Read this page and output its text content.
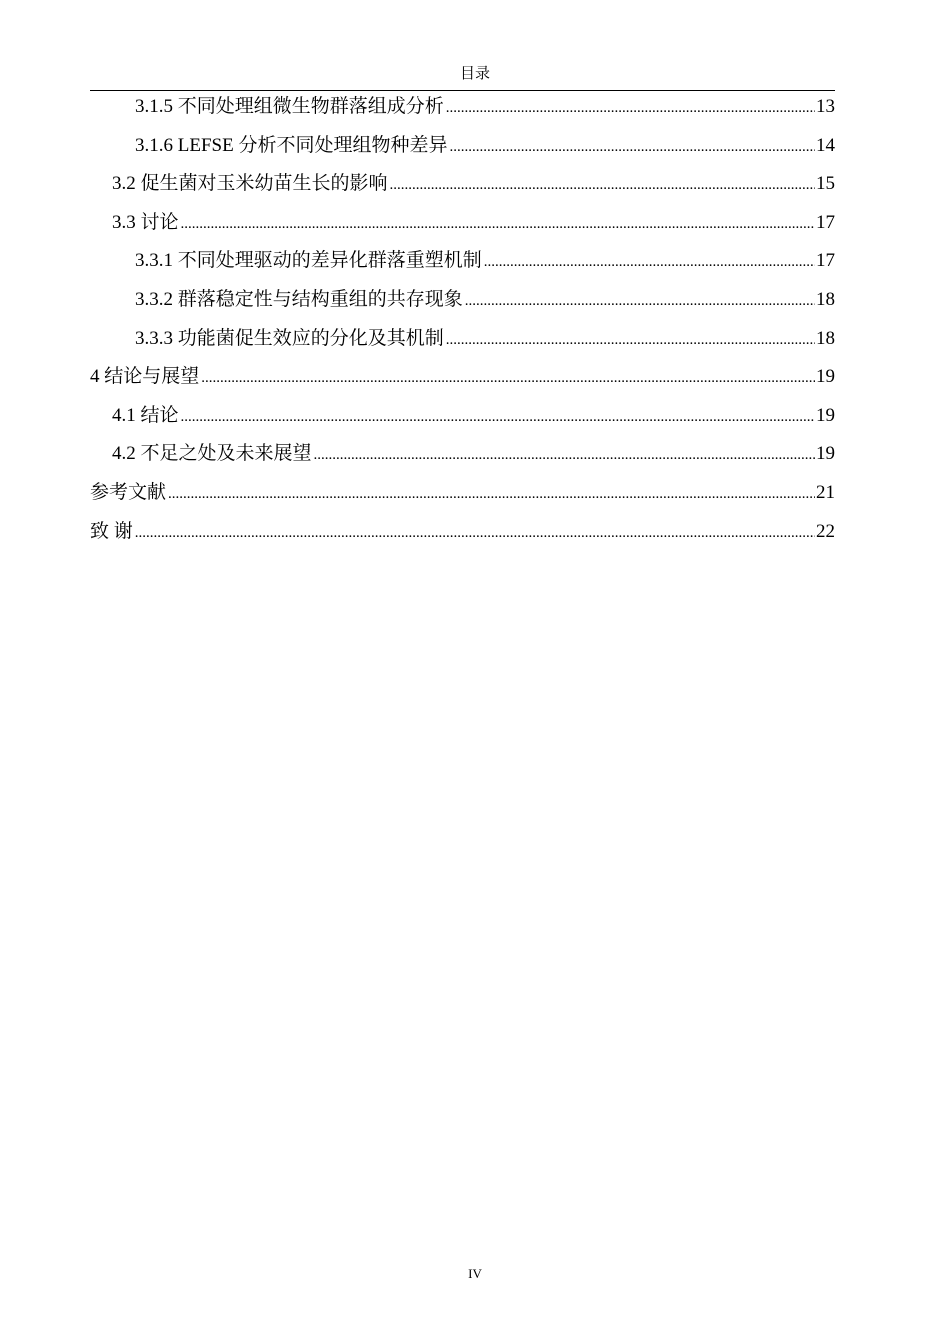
目录
3.1.5 不同处理组微生物群落组成分析 .....	13
3.1.6 LEFSE 分析不同处理组物种差异 .....	14
3.2 促生菌对玉米幼苗生长的影响 .....	15
3.3 讨论 .....	17
3.3.1 不同处理驱动的差异化群落重塑机制 .....	17
3.3.2 群落稳定性与结构重组的共存现象 .....	18
3.3.3 功能菌促生效应的分化及其机制 .....	18
4 结论与展望 .....	19
4.1 结论 .....	19
4.2 不足之处及未来展望 .....	19
参考文献 .....	21
致 谢 .....	22
IV
